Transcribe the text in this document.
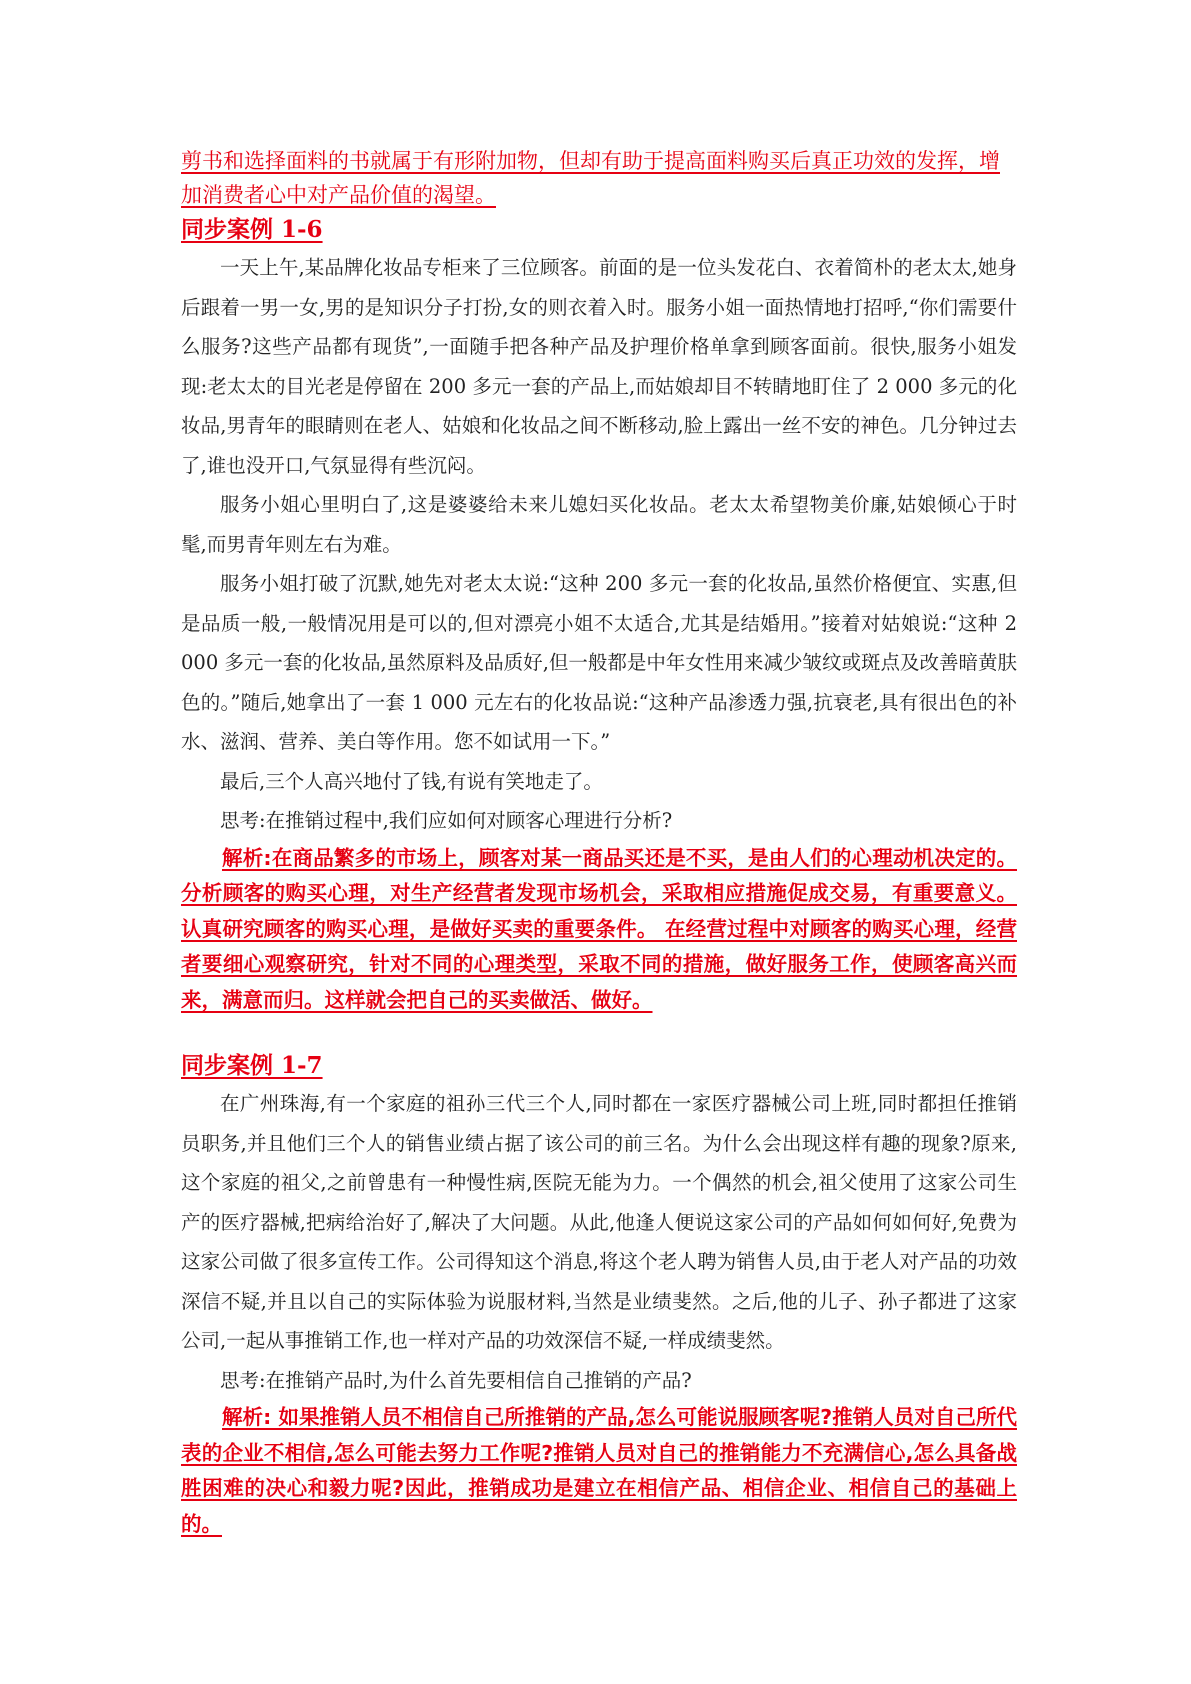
剪书和选择面料的书就属于有形附加物，但却有助于提高面料购买后真正功效的发挥，增加消费者心中对产品价值的渴望。

同步案例 1-6

一天上午,某品牌化妆品专柜来了三位顾客。前面的是一位头发花白、衣着简朴的老太太,她身后跟着一男一女,男的是知识分子打扮,女的则衣着入时。服务小姐一面热情地打招呼,“你们需要什么服务?这些产品都有现货”,一面随手把各种产品及护理价格单拿到顾客面前。很快,服务小姐发现:老太太的目光老是停留在 200 多元一套的产品上,而姑娘却目不转睛地盯住了 2 000 多元的化妆品,男青年的眼睛则在老人、姑娘和化妆品之间不断移动,脸上露出一丝不安的神色。几分钟过去了,谁也没开口,气氛显得有些沉闷。

服务小姐心里明白了,这是婆婆给未来儿媳妇买化妆品。老太太希望物美价廉,姑娘倾心于时髦,而男青年则左右为难。

服务小姐打破了沉默,她先对老太太说:“这种 200 多元一套的化妆品,虽然价格便宜、实惠,但是品质一般,一般情况用是可以的,但对漂亮小姐不太适合,尤其是结婚用。”接着对姑娘说:“这种 2 000 多元一套的化妆品,虽然原料及品质好,但一般都是中年女性用来减少皱纹或斑点及改善暗黄肤色的。”随后,她拿出了一套 1 000 元左右的化妆品说:“这种产品渗透力强,抗衰老,具有很出色的补水、滋润、营养、美白等作用。您不如试用一下。”

最后,三个人高兴地付了钱,有说有笑地走了。

思考:在推销过程中,我们应如何对顾客心理进行分析?

解析:在商品繁多的市场上，顾客对某一商品买还是不买，是由人们的心理动机决定的。分析顾客的购买心理，对生产经营者发现市场机会，采取相应措施促成交易，有重要意义。认真研究顾客的购买心理，是做好买卖的重要条件。 在经营过程中对顾客的购买心理，经营者要细心观察研究，针对不同的心理类型，采取不同的措施，做好服务工作，使顾客高兴而来，满意而归。这样就会把自己的买卖做活、做好。

同步案例 1-7

在广州珠海,有一个家庭的祖孙三代三个人,同时都在一家医疗器械公司上班,同时都担任推销员职务,并且他们三个人的销售业绩占据了该公司的前三名。为什么会出现这样有趣的现象?原来,这个家庭的祖父,之前曾患有一种慢性病,医院无能为力。一个偶然的机会,祖父使用了这家公司生产的医疗器械,把病给治好了,解决了大问题。从此,他逢人便说这家公司的产品如何如何好,免费为这家公司做了很多宣传工作。公司得知这个消息,将这个老人聘为销售人员,由于老人对产品的功效深信不疑,并且以自己的实际体验为说服材料,当然是业绩斐然。之后,他的儿子、孙子都进了这家公司,一起从事推销工作,也一样对产品的功效深信不疑,一样成绩斐然。

思考:在推销产品时,为什么首先要相信自己推销的产品?

解析: 如果推销人员不相信自己所推销的产品,怎么可能说服顾客呢?推销人员对自己所代表的企业不相信,怎么可能去努力工作呢?推销人员对自己的推销能力不充满信心,怎么具备战胜困难的决心和毅力呢?因此，推销成功是建立在相信产品、相信企业、相信自己的基础上的。
